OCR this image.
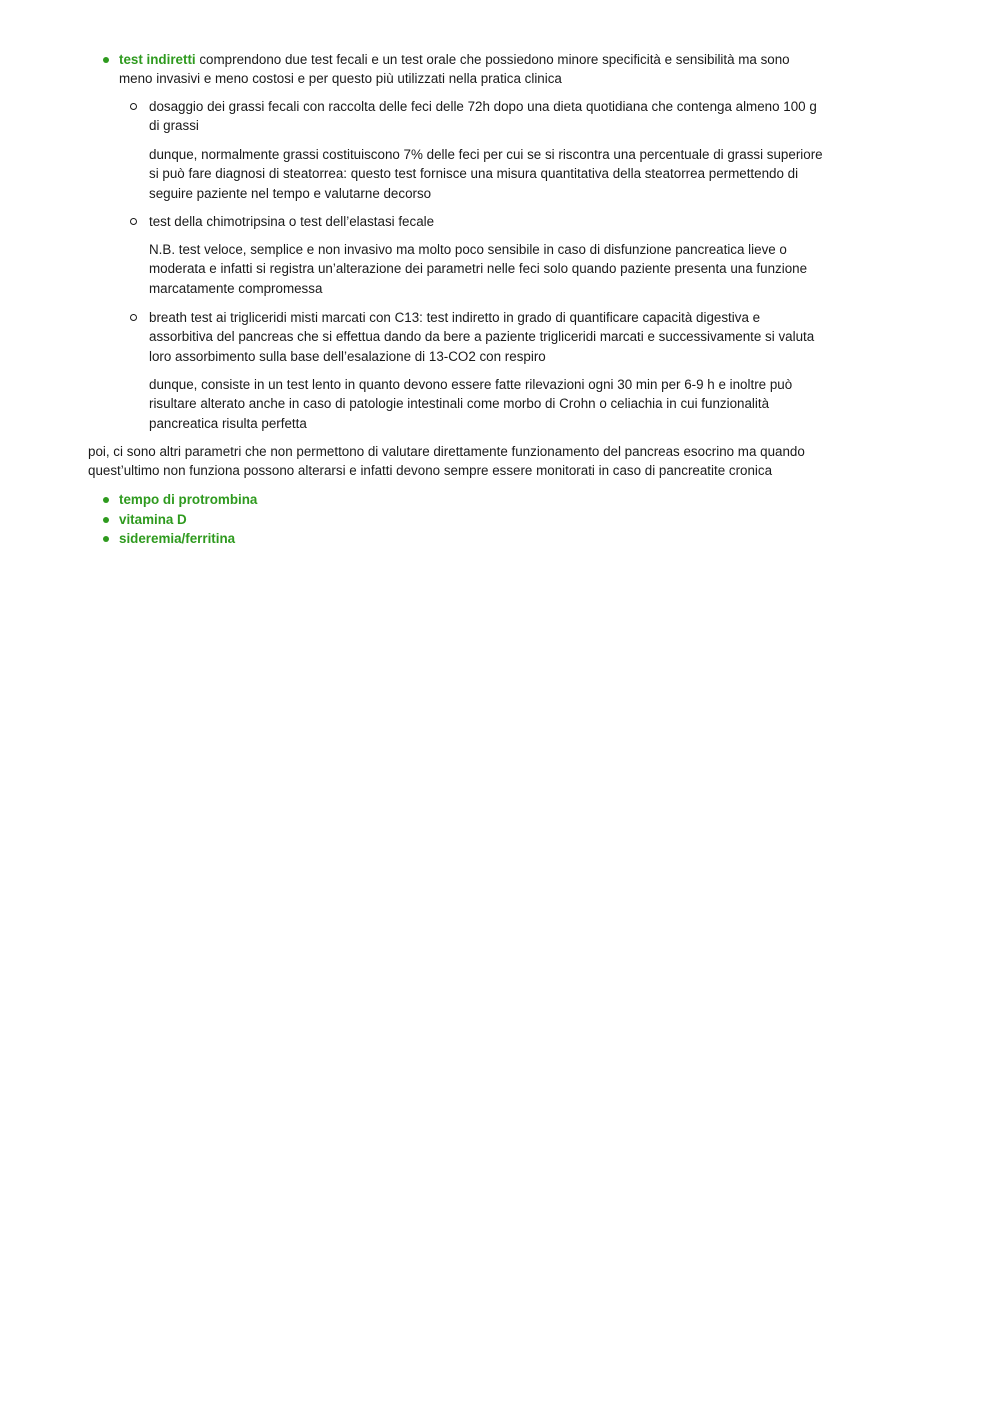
test indiretti comprendono due test fecali e un test orale che possiedono minore specificità e sensibilità ma sono
meno invasivi e meno costosi e per questo più utilizzati nella pratica clinica
dosaggio dei grassi fecali con raccolta delle feci delle 72h dopo una dieta quotidiana che contenga almeno 100 g
di grassi
dunque, normalmente grassi costituiscono 7% delle feci per cui se si riscontra una percentuale di grassi superiore
si può fare diagnosi di steatorrea: questo test fornisce una misura quantitativa della steatorrea permettendo di
seguire paziente nel tempo e valutarne decorso
test della chimotripsina o test dell’elastasi fecale
N.B. test veloce, semplice e non invasivo ma molto poco sensibile in caso di disfunzione pancreatica lieve o
moderata e infatti si registra un’alterazione dei parametri nelle feci solo quando paziente presenta una funzione
marcatamente compromessa
breath test ai trigliceridi misti marcati con C13: test indiretto in grado di quantificare capacità digestiva e
assorbitiva del pancreas che si effettua dando da bere a paziente trigliceridi marcati e successivamente si valuta
loro assorbimento sulla base dell’esalazione di 13-CO2 con respiro
dunque, consiste in un test lento in quanto devono essere fatte rilevazioni ogni 30 min per 6-9 h e inoltre può
risultare alterato anche in caso di patologie intestinali come morbo di Crohn o celiachia in cui funzionalità
pancreatica risulta perfetta
poi, ci sono altri parametri che non permettono di valutare direttamente funzionamento del pancreas esocrino ma quando
quest’ultimo non funziona possono alterarsi e infatti devono sempre essere monitorati in caso di pancreatite cronica
tempo di protrombina
vitamina D
sideremia/ferritina
